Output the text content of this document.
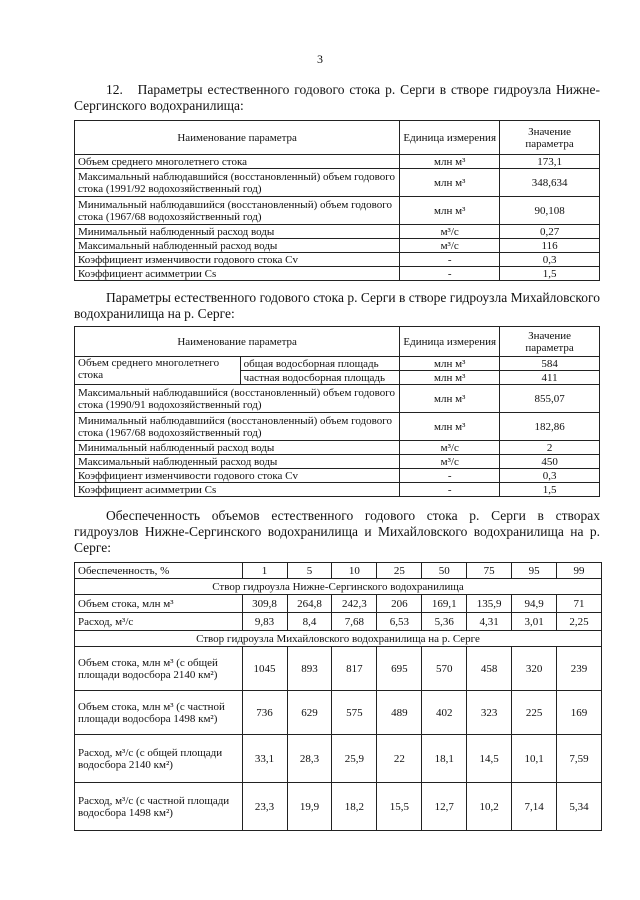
3
12. Параметры естественного годового стока р. Серги в створе гидроузла Нижне-Сергинского водохранилища:
Наименование параметра	Единица измерения	Значение параметра
Объем среднего многолетнего стока	млн м³	173,1
Максимальный наблюдавшийся (восстановленный) объем годового стока (1991/92 водохозяйственный год)	млн м³	348,634
Минимальный наблюдавшийся (восстановленный) объем годового стока (1967/68 водохозяйственный год)	млн м³	90,108
Минимальный наблюденный расход воды	м³/с	0,27
Максимальный наблюденный расход воды	м³/с	116
Коэффициент изменчивости годового стока Cv	-	0,3
Коэффициент асимметрии Cs	-	1,5
Параметры естественного годового стока р. Серги в створе гидроузла Михайловского водохранилища на р. Серге:
Наименование параметра		Единица измерения	Значение параметра
Объем среднего многолетнего стока	общая водосборная площадь	млн м³	584
	частная водосборная площадь	млн м³	411
Максимальный наблюдавшийся (восстановленный) объем годового стока (1990/91 водохозяйственный год)		млн м³	855,07
Минимальный наблюдавшийся (восстановленный) объем годового стока (1967/68 водохозяйственный год)		млн м³	182,86
Минимальный наблюденный расход воды		м³/с	2
Максимальный наблюденный расход воды		м³/с	450
Коэффициент изменчивости годового стока Cv		-	0,3
Коэффициент асимметрии Cs		-	1,5
Обеспеченность объемов естественного годового стока р. Серги в створах гидроузлов Нижне-Сергинского водохранилища и Михайловского водохранилища на р. Серге:
Обеспеченность, %	1	5	10	25	50	75	95	99
Створ гидроузла Нижне-Сергинского водохранилища								
Объем стока, млн м³	309,8	264,8	242,3	206	169,1	135,9	94,9	71
Расход, м³/с	9,83	8,4	7,68	6,53	5,36	4,31	3,01	2,25
Створ гидроузла Михайловского водохранилища на р. Серге								
Объем стока, млн м³ (с общей площади водосбора 2140 км²)	1045	893	817	695	570	458	320	239
Объем стока, млн м³ (с частной площади водосбора 1498 км²)	736	629	575	489	402	323	225	169
Расход, м³/с (с общей площади водосбора 2140 км²)	33,1	28,3	25,9	22	18,1	14,5	10,1	7,59
Расход, м³/с (с частной площади водосбора 1498 км²)	23,3	19,9	18,2	15,5	12,7	10,2	7,14	5,34
